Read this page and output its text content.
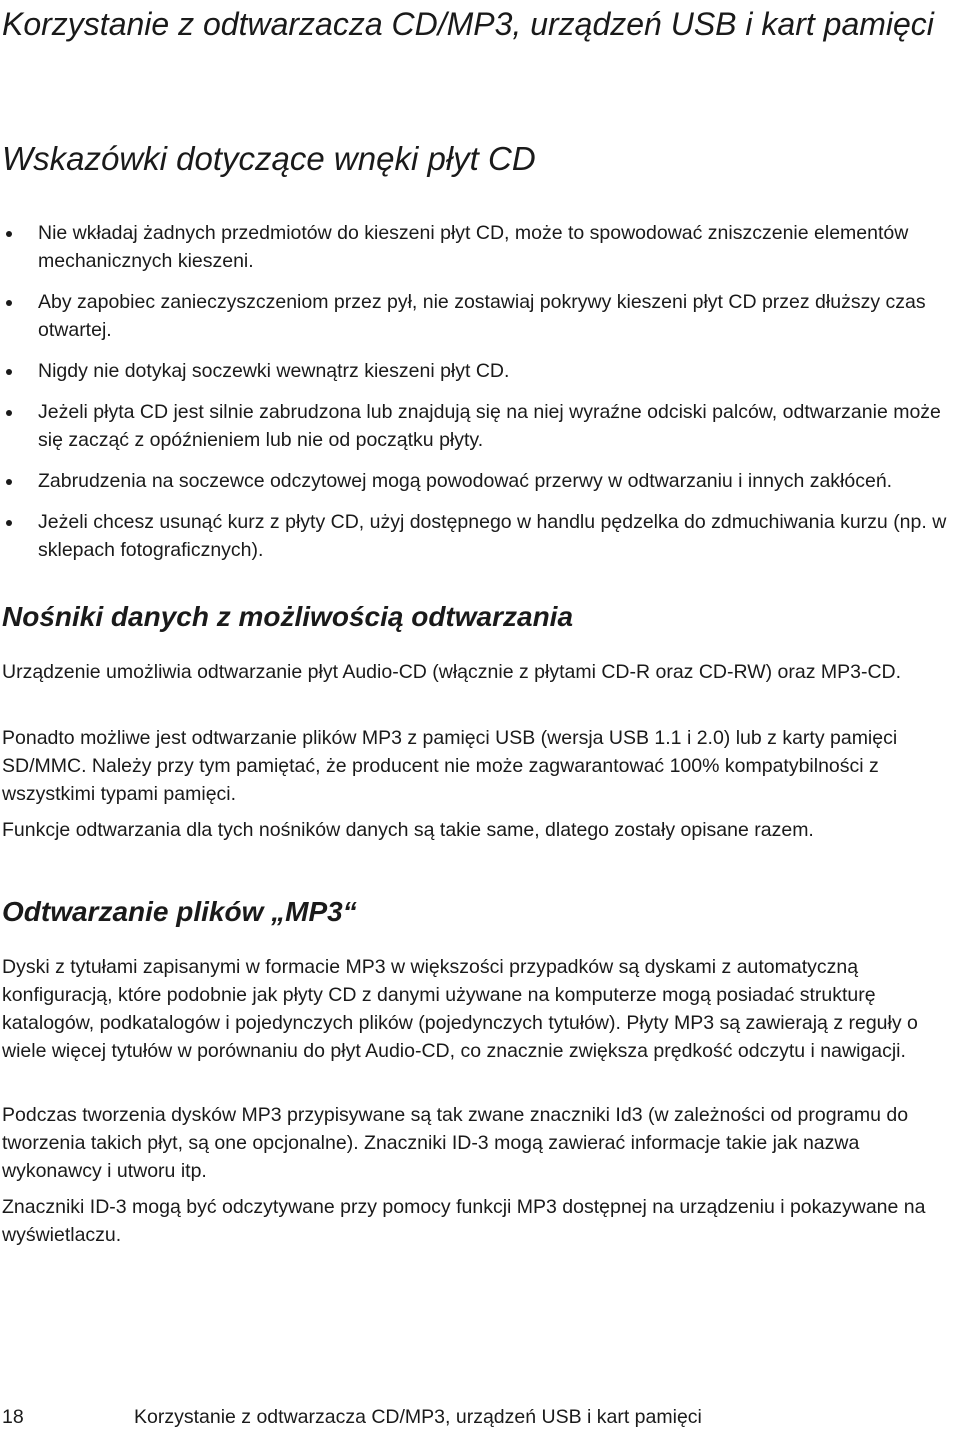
Korzystanie z odtwarzacza CD/MP3, urządzeń USB i kart pamięci
Wskazówki dotyczące wnęki płyt CD
Nie wkładaj żadnych przedmiotów do kieszeni płyt CD, może to spowodować zniszczenie elementów mechanicznych kieszeni.
Aby zapobiec zanieczyszczeniom przez pył, nie zostawiaj pokrywy kieszeni płyt CD przez dłuższy czas otwartej.
Nigdy nie dotykaj soczewki wewnątrz kieszeni płyt CD.
Jeżeli płyta CD jest silnie zabrudzona lub znajdują się na niej wyraźne odciski palców, odtwarzanie może się zacząć z opóźnieniem lub nie od początku płyty.
Zabrudzenia na soczewce odczytowej mogą powodować przerwy w odtwarzaniu i innych zakłóceń.
Jeżeli chcesz usunąć kurz z płyty CD, użyj dostępnego w handlu pędzelka do zdmuchiwania kurzu (np. w sklepach fotograficznych).
Nośniki danych z możliwością odtwarzania

Urządzenie umożliwia odtwarzanie płyt Audio-CD (włącznie z płytami CD-R oraz CD-RW) oraz MP3-CD.

Ponadto możliwe jest odtwarzanie plików MP3 z pamięci USB (wersja USB 1.1 i 2.0) lub z karty pamięci SD/MMC. Należy przy tym pamiętać, że producent nie może zagwarantować 100% kompatybilności z wszystkimi typami pamięci.

Funkcje odtwarzania dla tych nośników danych są takie same, dlatego zostały opisane razem.

Odtwarzanie plików „MP3“

Dyski z tytułami zapisanymi w formacie MP3 w większości przypadków są dyskami z automatyczną konfiguracją, które podobnie jak płyty CD z danymi używane na komputerze mogą posiadać strukturę katalogów, podkatalogów i pojedynczych plików (pojedynczych tytułów). Płyty MP3 są zawierają z reguły o wiele więcej tytułów w porównaniu do płyt Audio-CD, co znacznie zwiększa prędkość odczytu i nawigacji.

Podczas tworzenia dysków MP3 przypisywane są tak zwane znaczniki Id3 (w zależności od programu do tworzenia takich płyt, są one opcjonalne). Znaczniki ID-3 mogą zawierać informacje takie jak nazwa wykonawcy i utworu itp.

Znaczniki ID-3 mogą być odczytywane przy pomocy funkcji MP3 dostępnej na urządzeniu i pokazywane na wyświetlaczu.

18	Korzystanie z odtwarzacza CD/MP3, urządzeń USB i kart pamięci
